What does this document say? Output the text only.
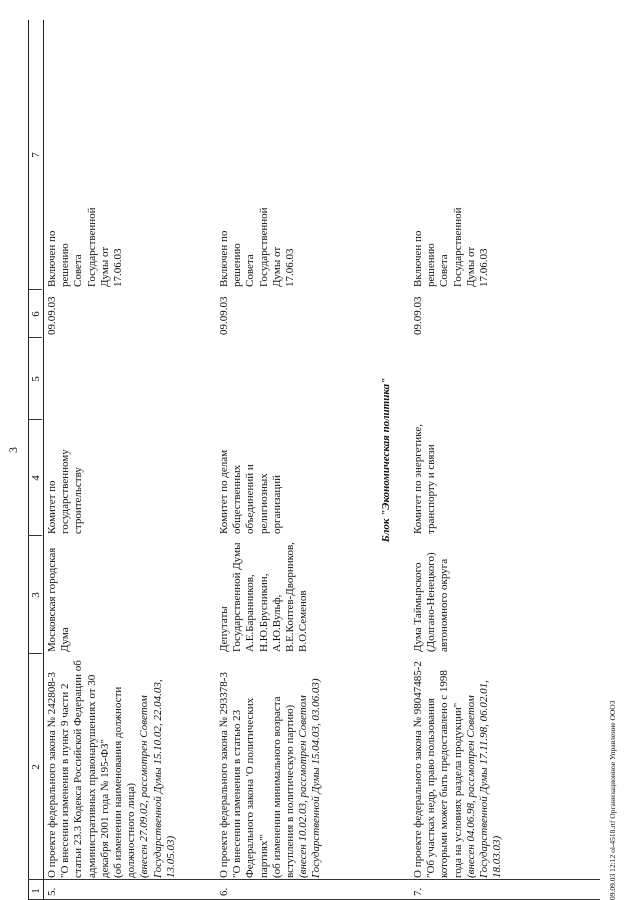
3
1
2
3
4
5
6
7
5.
О проекте федерального закона № 242808-3 "О внесении изменения в пункт 9 части 2 статьи 23.3 Кодекса Российской Федерации об административных правонарушениях от 30 декабря 2001 года № 195-ФЗ" (об изменении наименования должности должностного лица) (внесен 27.09.02, рассмотрен Советом Государственной Думы 15.10.02, 22.04.03, 13.05.03)
Московская городская Дума
Комитет по государственному строительству
09.09.03
Включен по решению Совета Государственной Думы от 17.06.03
6.
О проекте федерального закона № 293378-3 "О внесении изменения в статью 23 Федерального закона 'О политических партиях'" (об изменении минимального возраста вступления в политическую партию) (внесен 10.02.03, рассмотрен Советом Государственной Думы 15.04.03, 03.06.03)
Депутаты Государственной Думы А.Е.Баранников, Н.Ю.Брусникин, А.Ю.Вульф, В.Е.Коптев-Дворников, В.О.Семенов
Комитет по делам общественных объединений и религиозных организаций
09.09.03
Включен по решению Совета Государственной Думы от 17.06.03
Блок "Экономическая политика"
7.
О проекте федерального закона № 98047485-2 "Об участках недр, право пользования которыми может быть предоставлено с 1998 года на условиях раздела продукции" (внесен 04.06.98, рассмотрен Советом Государственной Думы 17.11.98, 06.02.01, 18.03.03)
Дума Таймырского (Долгано-Ненецкого) автономного округа
Комитет по энергетике, транспорту и связи
09.09.03
Включен по решению Совета Государственной Думы от 17.06.03
09.09.03 12:12 ol-4518.rtf Организационное Управление ООО3
